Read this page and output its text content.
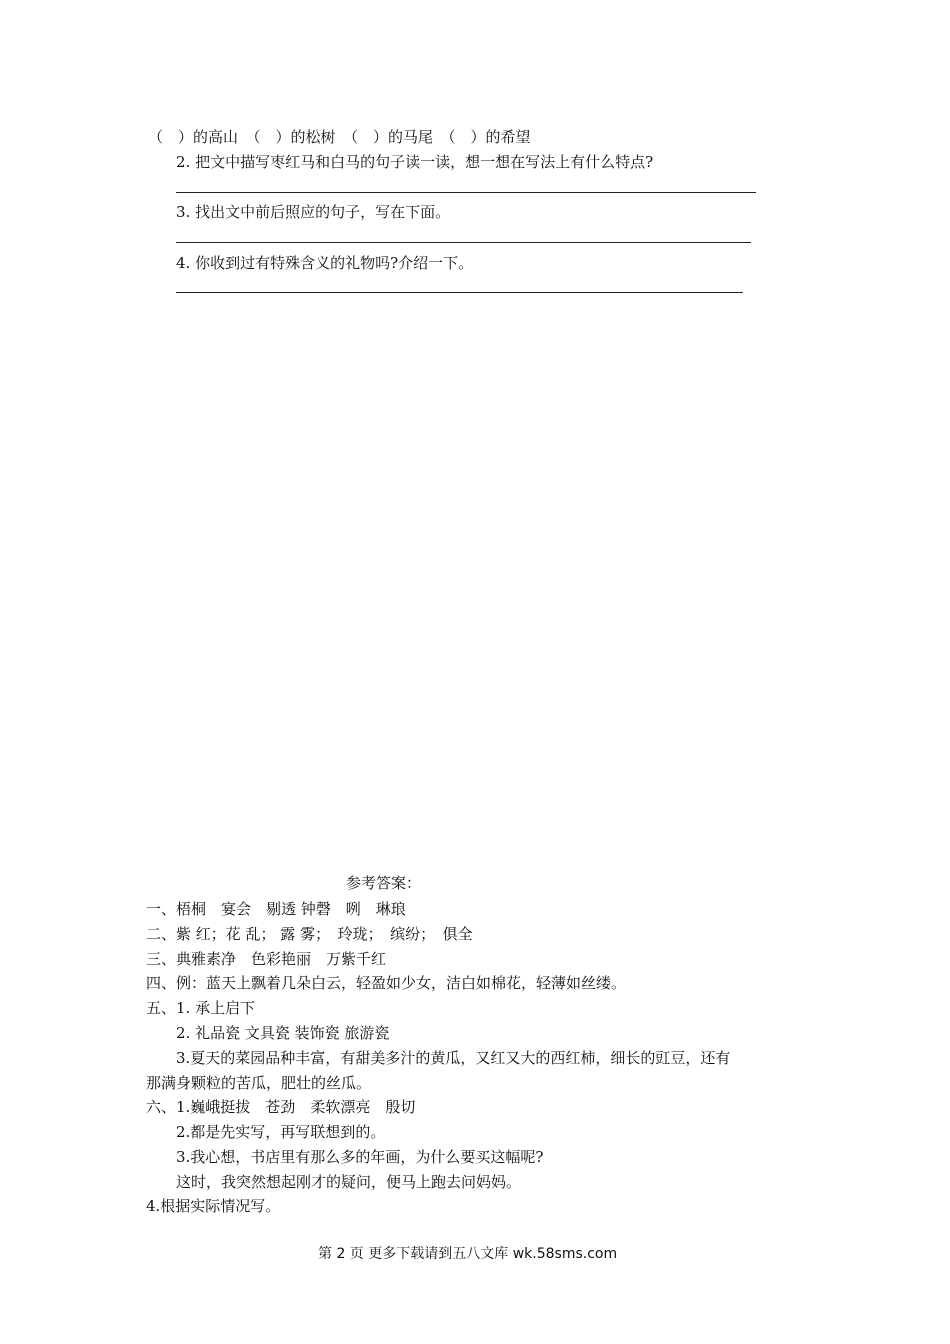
（　）的高山　（　）的松树　（　）的马尾　（　）的希望
2. 把文中描写枣红马和白马的句子读一读，想一想在写法上有什么特点?
3. 找出文中前后照应的句子，写在下面。
4. 你收到过有特殊含义的礼物吗?介绍一下。
参考答案：
一、梧桐　宴会　剔透 钟磬　咧　琳琅
二、紫 红；花 乱； 露 雾；　玲珑；　缤纷；　俱全
三、典雅素净　色彩艳丽　万紫千红
四、例：蓝天上飘着几朵白云，轻盈如少女，洁白如棉花，轻薄如丝缕。
五、1. 承上启下
2. 礼品瓷 文具瓷 装饰瓷 旅游瓷
3.夏天的菜园品种丰富，有甜美多汁的黄瓜，又红又大的西红柿，细长的豇豆，还有
那满身颗粒的苦瓜，肥壮的丝瓜。
六、1.巍峨挺拔　苍劲　柔软漂亮　殷切
2.都是先实写，再写联想到的。
3.我心想，书店里有那么多的年画，为什么要买这幅呢?
这时，我突然想起刚才的疑问，便马上跑去问妈妈。
4.根据实际情况写。
第 2 页 更多下载请到五八文库 wk.58sms.com
